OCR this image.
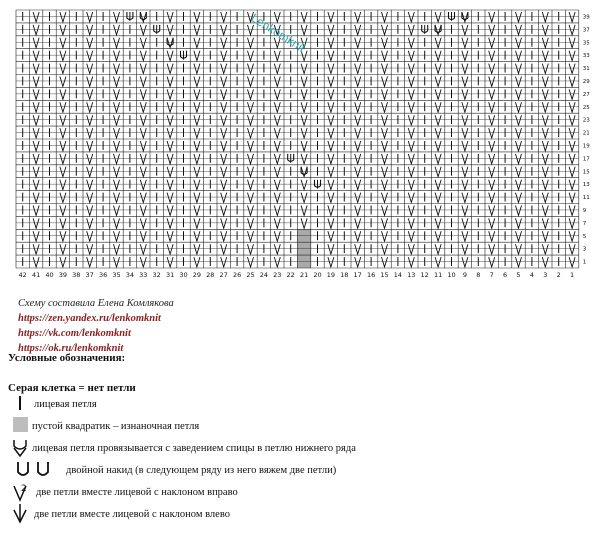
42 41 40 39 38 37 36 35 34 33 32 31 30 29 28 27 26 25 24 23 22 21 20 19 18 17 16 15 14 13 12 11 10 9 8 7 6 5 4 3 2 1
39
37
35
33
31
29
27
25
23
21
19
17
15
13
11
9
7
5
3
1
Lenkomknit
Схему составила Елена Комлякова
https://zen.yandex.ru/lenkomknit
https://vk.com/lenkomknit
https://ok.ru/lenkomknit
Условные обозначения:
Серая клетка = нет петли
лицевая петля
пустой квадратик – изнаночная петля
лицевая петля провязывается с заведением спицы в петлю нижнего ряда
двойной накид (в следующем ряду из него вяжем две петли)
2 две петли вместе лицевой с наклоном вправо
две петли вместе лицевой с наклоном влево
